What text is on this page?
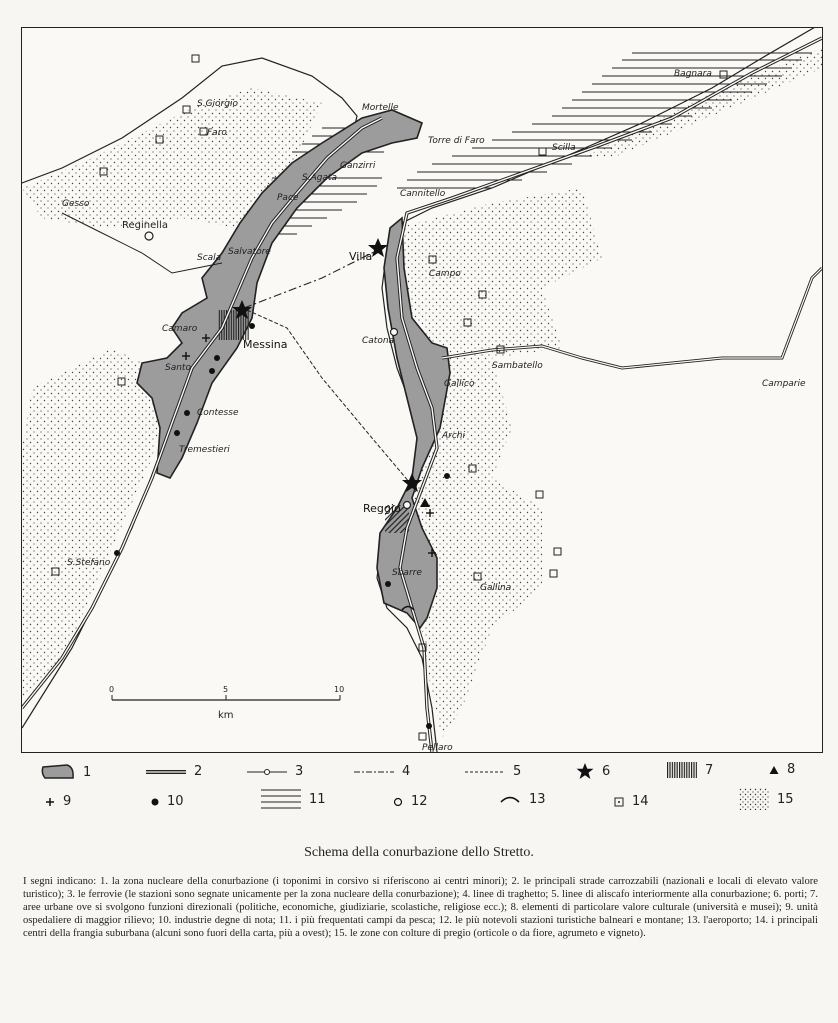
S.Giorgio	Mortelle
Torre di Faro
Faro
Ganzirri
S.Agata
Pace
Gesso
Reginella
Scala
Salvatore
Camaro
Santo
Contesse
Tremestieri
S.Stefano
Bagnara
Scilla
Cannitello
Campo
Catona
Sambatello
Gallico
Archi
Camparie
Sbarre
Gallina
Pellaro
Messina
Villa
Reggio
0	5	10
km
1	2	3	4	5	6	7	8
9	10	11	12	13	14	15
Schema della conurbazione dello Stretto.
I segni indicano: 1. la zona nucleare della conurbazione (i toponimi in corsivo si riferiscono ai centri minori); 2. le principali strade carrozzabili (nazionali e locali di elevato valore turistico); 3. le ferrovie (le stazioni sono segnate unicamente per la zona nucleare della conurbazione); 4. linee di traghetto; 5. linee di aliscafo interiormente alla conurbazione; 6. porti; 7. aree urbane ove si svolgono funzioni direzionali (politiche, economiche, giudiziarie, scolastiche, religiose ecc.); 8. elementi di particolare valore culturale (università e musei); 9. unità ospedaliere di maggior rilievo; 10. industrie degne di nota; 11. i più frequentati campi da pesca; 12. le più notevoli stazioni turistiche balneari e montane; 13. l'aeroporto; 14. i principali centri della frangia suburbana (alcuni sono fuori della carta, più a ovest); 15. le zone con colture di pregio (orticole o da fiore, agrumeto e vigneto).
